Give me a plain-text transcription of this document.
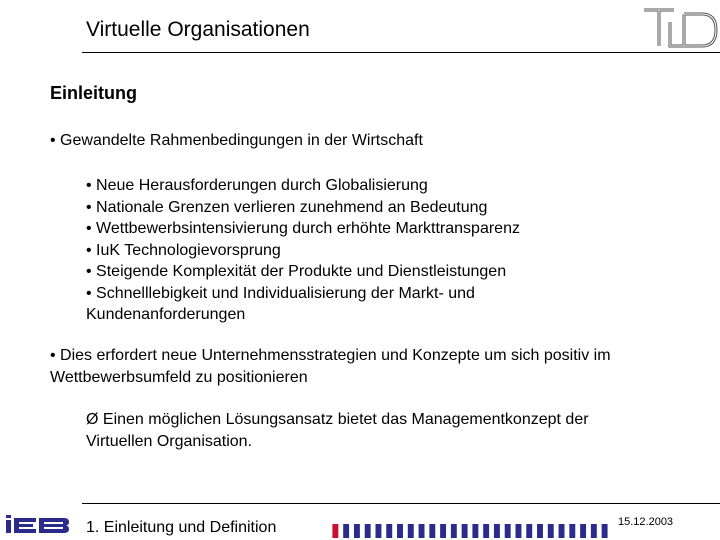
Virtuelle Organisationen
Einleitung
• Gewandelte Rahmenbedingungen in der Wirtschaft
• Neue Herausforderungen durch Globalisierung
• Nationale Grenzen verlieren zunehmend an Bedeutung
• Wettbewerbsintensivierung durch erhöhte Markttransparenz
• IuK Technologievorsprung
• Steigende Komplexität der Produkte und Dienstleistungen
• Schnelllebigkeit und Individualisierung der Markt- und
Kundenanforderungen
• Dies erfordert neue Unternehmensstrategien und Konzepte um sich positiv im
Wettbewerbsumfeld zu positionieren
Ø Einen möglichen Lösungsansatz bietet das Managementkonzept der
Virtuellen Organisation.
1. Einleitung und Definition	15.12.2003
